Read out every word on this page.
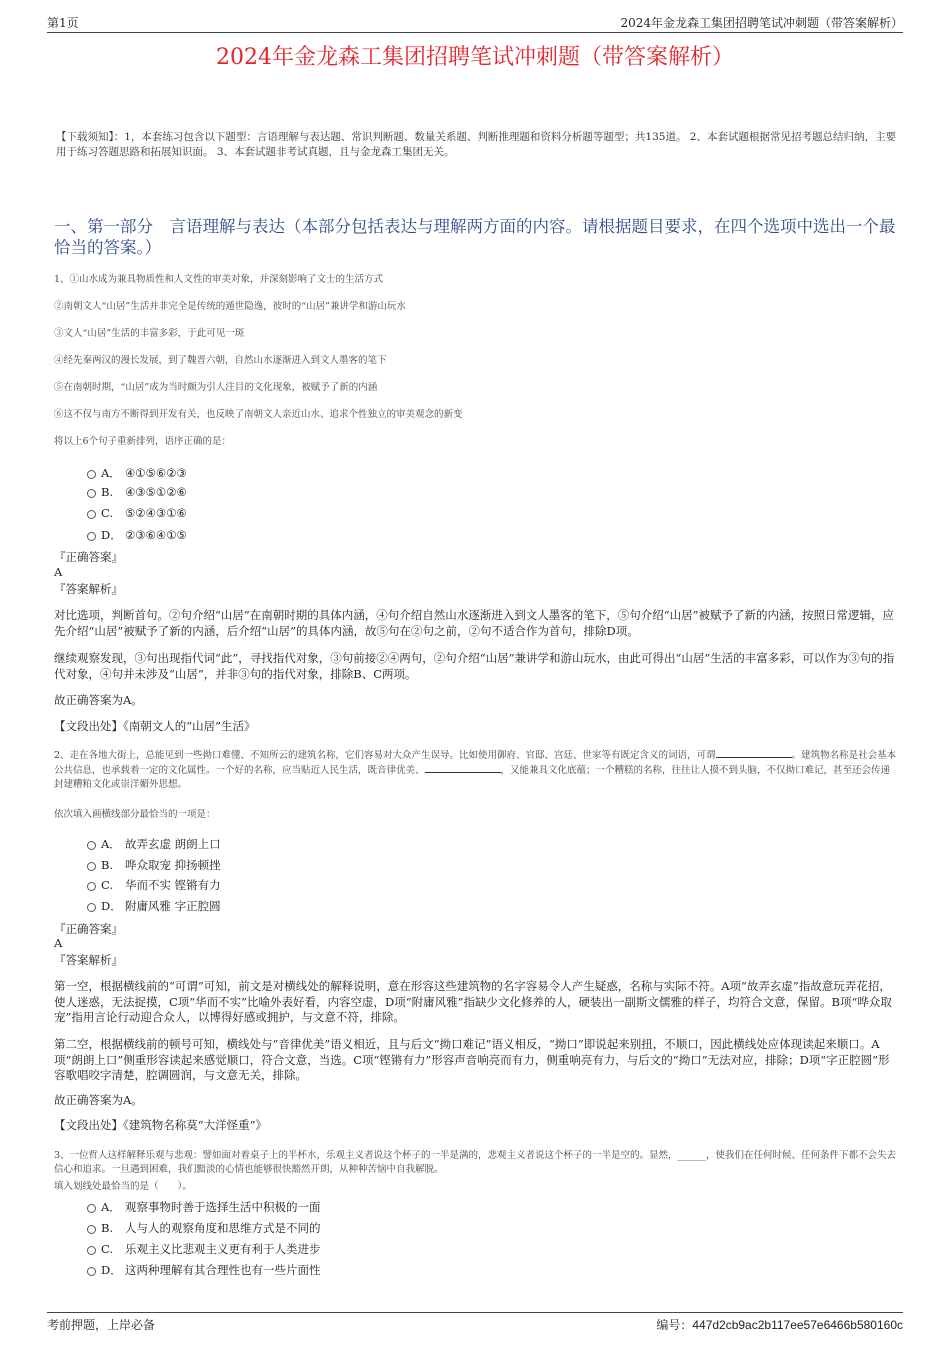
第1页	2024年金龙森工集团招聘笔试冲刺题（带答案解析）
2024年金龙森工集团招聘笔试冲刺题（带答案解析）
【下载须知】：1，本套练习包含以下题型：言语理解与表达题、常识判断题、数量关系题、判断推理题和资料分析题等题型；共135道。 2、本套试题根据常见招考题总结归纳，主要用于练习答题思路和拓展知识面。 3、本套试题非考试真题，且与金龙森工集团无关。
一、第一部分　言语理解与表达（本部分包括表达与理解两方面的内容。请根据题目要求，在四个选项中选出一个最恰当的答案。）
1、①山水成为兼具物质性和人文性的审美对象，并深刻影响了文士的生活方式
②南朝文人“山居”生活并非完全是传统的遁世隐逸，彼时的“山居”兼讲学和游山玩水
③文人“山居”生活的丰富多彩，于此可见一斑
④经先秦两汉的漫长发展，到了魏晋六朝，自然山水逐渐进入到文人墨客的笔下
⑤在南朝时期，“山居”成为当时颇为引人注目的文化现象，被赋予了新的内涵
⑥这不仅与南方不断得到开发有关，也反映了南朝文人亲近山水、追求个性独立的审美观念的新变
将以上6个句子重新排列，语序正确的是：
A． ④①⑤⑥②③
B. ④③⑤①②⑥
C. ⑤②④③①⑥
D． ②③⑥④①⑤
『正确答案』
A
『答案解析』
对比选项，判断首句。②句介绍“山居”在南朝时期的具体内涵，④句介绍自然山水逐渐进入到文人墨客的笔下，⑤句介绍“山居”被赋予了新的内涵，按照日常逻辑，应先介绍“山居”被赋予了新的内涵，后介绍“山居”的具体内涵，故⑤句在②句之前，②句不适合作为首句，排除D项。
继续观察发现，③句出现指代词“此”，寻找指代对象，③句前接②④两句，②句介绍“山居”兼讲学和游山玩水，由此可得出“山居”生活的丰富多彩，可以作为③句的指代对象，④句并未涉及“山居”，并非③句的指代对象，排除B、C两项。
故正确答案为A。
【文段出处】《南朝文人的“山居”生活》
2、走在各地大街上，总能见到一些拗口难懂、不知所云的建筑名称，它们容易对大众产生误导。比如使用御府、官邸、宫廷、世家等有既定含义的词语，可谓	。建筑物名称是社会基本公共信息，也承载着一定的文化属性。一个好的名称，应当贴近人民生活，既音律优美、	，又能兼具文化底蕴；一个糟糕的名称，往往让人摸不到头脑，不仅拗口难记，甚至还会传递封建糟粕文化或崇洋媚外思想。
依次填入画横线部分最恰当的一项是：
A． 故弄玄虚 朗朗上口
B. 哗众取宠 抑扬顿挫
C. 华而不实 铿锵有力
D． 附庸风雅 字正腔圆
『正确答案』
A
『答案解析』
第一空，根据横线前的“可谓”可知，前文是对横线处的解释说明，意在形容这些建筑物的名字容易令人产生疑惑，名称与实际不符。A项“故弄玄虚”指故意玩弄花招，使人迷惑，无法捉摸，C项“华而不实”比喻外表好看，内容空虚，D项“附庸风雅”指缺少文化修养的人，硬装出一副斯文儒雅的样子，均符合文意，保留。B项“哗众取宠”指用言论行动迎合众人，以博得好感或拥护，与文意不符，排除。
第二空，根据横线前的顿号可知，横线处与“音律优美”语义相近，且与后文“拗口难记”语义相反，“拗口”即说起来别扭，不顺口，因此横线处应体现读起来顺口。A项“朗朗上口”侧重形容读起来感觉顺口，符合文意，当选。C项“铿锵有力”形容声音响亮而有力，侧重响亮有力，与后文的“拗口”无法对应，排除；D项“字正腔圆”形容歌唱咬字清楚，腔调圆润，与文意无关，排除。
故正确答案为A。
【文段出处】《建筑物名称莫“大洋怪重”》
3、一位哲人这样解释乐观与悲观：譬如面对着桌子上的半杯水，乐观主义者说这个杯子的一半是满的，悲观主义者说这个杯子的一半是空的。显然，______，使我们在任何时候、任何条件下都不会失去信心和追求。一旦遇到困难，我们黯淡的心情也能够很快豁然开朗，从种种苦恼中自我解脱。
填入划线处最恰当的是（　　）。
A． 观察事物时善于选择生活中积极的一面
B. 人与人的观察角度和思维方式是不同的
C. 乐观主义比悲观主义更有利于人类进步
D． 这两种理解有其合理性也有一些片面性
考前押题，上岸必备	编号：447d2cb9ac2b117ee57e6466b580160c
